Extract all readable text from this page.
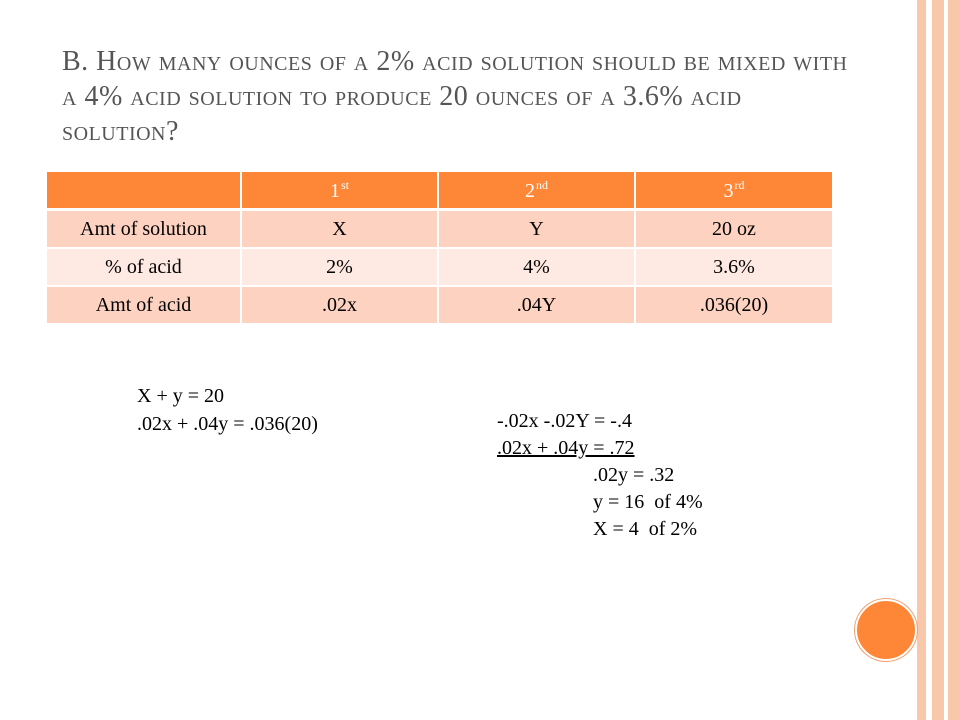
B. How many ounces of a 2% acid solution should be mixed with a 4% acid solution to produce 20 ounces of a 3.6% acid solution?
	1st	2nd	3rd
Amt of solution	X	Y	20 oz
% of acid	2%	4%	3.6%
Amt of acid	.02x	.04Y	.036(20)
X + y = 20
.02x + .04y = .036(20)	-.02x -.02Y = -.4
.02x + .04y = .72
.02y = .32
y = 16  of 4%
X = 4  of 2%
